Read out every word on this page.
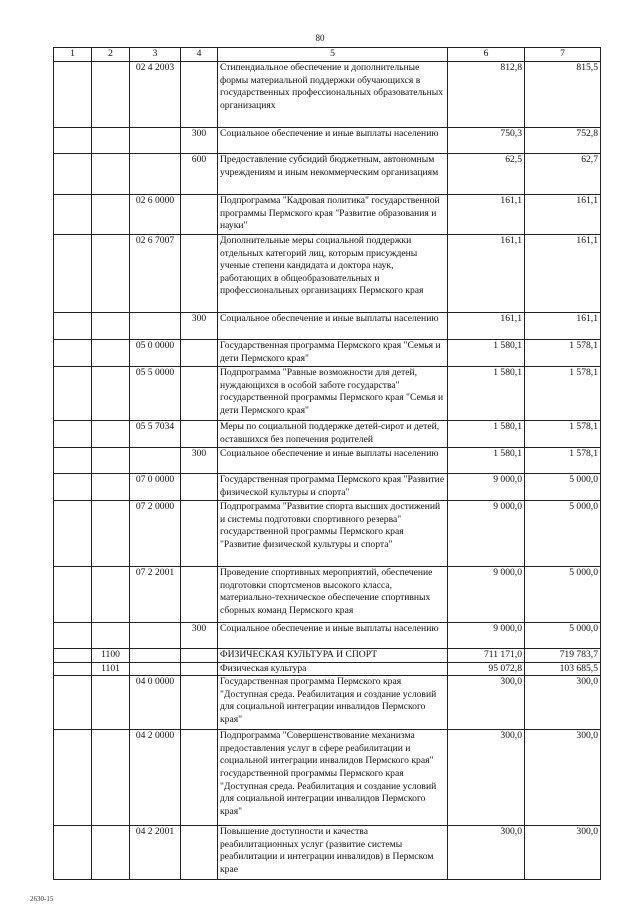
80
1	2	3	4	5	6	7
		02 4 2003		Стипендиальное обеспечение и дополнительные формы материальной поддержки обучающихся в государственных профессиональных образовательных организациях	812,8	815,5
			300	Социальное обеспечение и иные выплаты населению	750,3	752,8
			600	Предоставление субсидий бюджетным, автономным учреждениям и иным некоммерческим организациям	62,5	62,7
		02 6 0000		Подпрограмма "Кадровая политика" государственной программы Пермского края "Развитие образования и науки"	161,1	161,1
		02 6 7007		Дополнительные меры социальной поддержки отдельных категорий лиц, которым присуждены ученые степени кандидата и доктора наук, работающих в общеобразовательных и профессиональных организациях Пермского края	161,1	161,1
			300	Социальное обеспечение и иные выплаты населению	161,1	161,1
		05 0 0000		Государственная программа Пермского края "Семья и дети Пермского края"	1 580,1	1 578,1
		05 5 0000		Подпрограмма "Равные возможности для детей, нуждающихся в особой заботе государства" государственной программы Пермского края "Семья и дети Пермского края"	1 580,1	1 578,1
		05 5 7034		Меры по социальной поддержке детей-сирот и детей, оставшихся без попечения родителей	1 580,1	1 578,1
			300	Социальное обеспечение и иные выплаты населению	1 580,1	1 578,1
		07 0 0000		Государственная программа Пермского края "Развитие физической культуры и спорта"	9 000,0	5 000,0
		07 2 0000		Подпрограмма "Развитие спорта высших достижений и системы подготовки спортивного резерва" государственной программы Пермского края "Развитие физической культуры и спорта"	9 000,0	5 000,0
		07 2 2001		Проведение спортивных мероприятий, обеспечение подготовки спортсменов высокого класса, материально-техническое обеспечение спортивных сборных команд Пермского края	9 000,0	5 000,0
			300	Социальное обеспечение и иные выплаты населению	9 000,0	5 000,0
	1100			ФИЗИЧЕСКАЯ КУЛЬТУРА И СПОРТ	711 171,0	719 783,7
	1101			Физическая культура	95 072,8	103 685,5
		04 0 0000		Государственная программа Пермского края "Доступная среда. Реабилитация и создание условий для социальной интеграции инвалидов Пермского края"	300,0	300,0
		04 2 0000		Подпрограмма "Совершенствование механизма предоставления услуг в сфере реабилитации и социальной интеграции инвалидов Пермского края" государственной программы Пермского края "Доступная среда. Реабилитация и создание условий для социальной интеграции инвалидов Пермского края"	300,0	300,0
		04 2 2001		Повышение доступности и качества реабилитационных услуг (развитие системы реабилитации и интеграции инвалидов) в Пермском крае	300,0	300,0
2630-15
